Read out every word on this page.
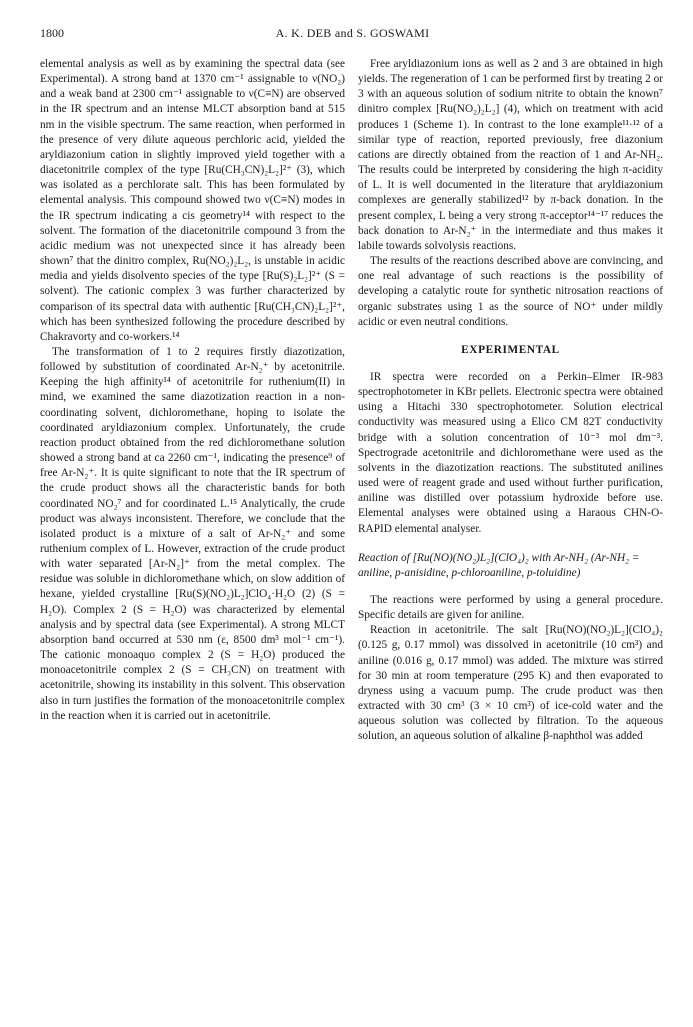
1800	A. K. DEB and S. GOSWAMI

elemental analysis as well as by examining the spectral data (see Experimental). A strong band at 1370 cm⁻¹ assignable to ν(NO₂) and a weak band at 2300 cm⁻¹ assignable to ν(C≡N) are observed in the IR spectrum and an intense MLCT absorption band at 515 nm in the visible spectrum. The same reaction, when performed in the presence of very dilute aqueous perchloric acid, yielded the aryldiazonium cation in slightly improved yield together with a diacetonitrile complex of the type [Ru(CH₃CN)₂L₂]²⁺ (3), which was isolated as a perchlorate salt. This has been formulated by elemental analysis. This compound showed two ν(C≡N) modes in the IR spectrum indicating a cis geometry¹⁴ with respect to the solvent. The formation of the diacetonitrile compound 3 from the acidic medium was not unexpected since it has already been shown⁷ that the dinitro complex, Ru(NO₂)₂L₂, is unstable in acidic media and yields disolvento species of the type [Ru(S)₂L₂]²⁺ (S = solvent). The cationic complex 3 was further characterized by comparison of its spectral data with authentic [Ru(CH₃CN)₂L₂]²⁺, which has been synthesized following the procedure described by Chakravorty and co-workers.¹⁴

The transformation of 1 to 2 requires firstly diazotization, followed by substitution of coordinated Ar-N₂⁺ by acetonitrile. Keeping the high affinity¹⁴ of acetonitrile for ruthenium(II) in mind, we examined the same diazotization reaction in a non-coordinating solvent, dichloromethane, hoping to isolate the coordinated aryldiazonium complex. Unfortunately, the crude reaction product obtained from the red dichloromethane solution showed a strong band at ca 2260 cm⁻¹, indicating the presence⁹ of free Ar-N₂⁺. It is quite significant to note that the IR spectrum of the crude product shows all the characteristic bands for both coordinated NO₂⁷ and for coordinated L.¹⁵ Analytically, the crude product was always inconsistent. Therefore, we conclude that the isolated product is a mixture of a salt of Ar-N₂⁺ and some ruthenium complex of L. However, extraction of the crude product with water separated [Ar-N₂]⁺ from the metal complex. The residue was soluble in dichloromethane which, on slow addition of hexane, yielded crystalline [Ru(S)(NO₂)L₂]ClO₄·H₂O (2) (S = H₂O). Complex 2 (S = H₂O) was characterized by elemental analysis and by spectral data (see Experimental). A strong MLCT absorption band occurred at 530 nm (ε, 8500 dm³ mol⁻¹ cm⁻¹). The cationic monoaquo complex 2 (S = H₂O) produced the monoacetonitrile complex 2 (S = CH₃CN) on treatment with acetonitrile, showing its instability in this solvent. This observation also in turn justifies the formation of the monoacetonitrile complex in the reaction when it is carried out in acetonitrile.

Free aryldiazonium ions as well as 2 and 3 are obtained in high yields. The regeneration of 1 can be performed first by treating 2 or 3 with an aqueous solution of sodium nitrite to obtain the known⁷ dinitro complex [Ru(NO₂)₂L₂] (4), which on treatment with acid produces 1 (Scheme 1). In contrast to the lone example¹¹·¹² of a similar type of reaction, reported previously, free diazonium cations are directly obtained from the reaction of 1 and Ar-NH₂. The results could be interpreted by considering the high π-acidity of L. It is well documented in the literature that aryldiazonium complexes are generally stabilized¹² by π-back donation. In the present complex, L being a very strong π-acceptor¹⁴⁻¹⁷ reduces the back donation to Ar-N₂⁺ in the intermediate and thus makes it labile towards solvolysis reactions.

The results of the reactions described above are convincing, and one real advantage of such reactions is the possibility of developing a catalytic route for synthetic nitrosation reactions of organic substrates using 1 as the source of NO⁺ under mildly acidic or even neutral conditions.

EXPERIMENTAL

IR spectra were recorded on a Perkin–Elmer IR-983 spectrophotometer in KBr pellets. Electronic spectra were obtained using a Hitachi 330 spectrophotometer. Solution electrical conductivity was measured using a Elico CM 82T conductivity bridge with a solution concentration of 10⁻³ mol dm⁻³. Spectrograde acetonitrile and dichloromethane were used as the solvents in the diazotization reactions. The substituted anilines used were of reagent grade and used without further purification, aniline was distilled over potassium hydroxide before use. Elemental analyses were obtained using a Haraous CHN-O-RAPID elemental analyser.

Reaction of [Ru(NO)(NO₂)L₂](ClO₄)₂ with Ar-NH₂ (Ar-NH₂ = aniline, p-anisidine, p-chloroaniline, p-toluidine)

The reactions were performed by using a general procedure. Specific details are given for aniline.

Reaction in acetonitrile. The salt [Ru(NO)(NO₂)L₂](ClO₄)₂ (0.125 g, 0.17 mmol) was dissolved in acetonitrile (10 cm³) and aniline (0.016 g, 0.17 mmol) was added. The mixture was stirred for 30 min at room temperature (295 K) and then evaporated to dryness using a vacuum pump. The crude product was then extracted with 30 cm³ (3 × 10 cm³) of ice-cold water and the aqueous solution was collected by filtration. To the aqueous solution, an aqueous solution of alkaline β-naphthol was added
